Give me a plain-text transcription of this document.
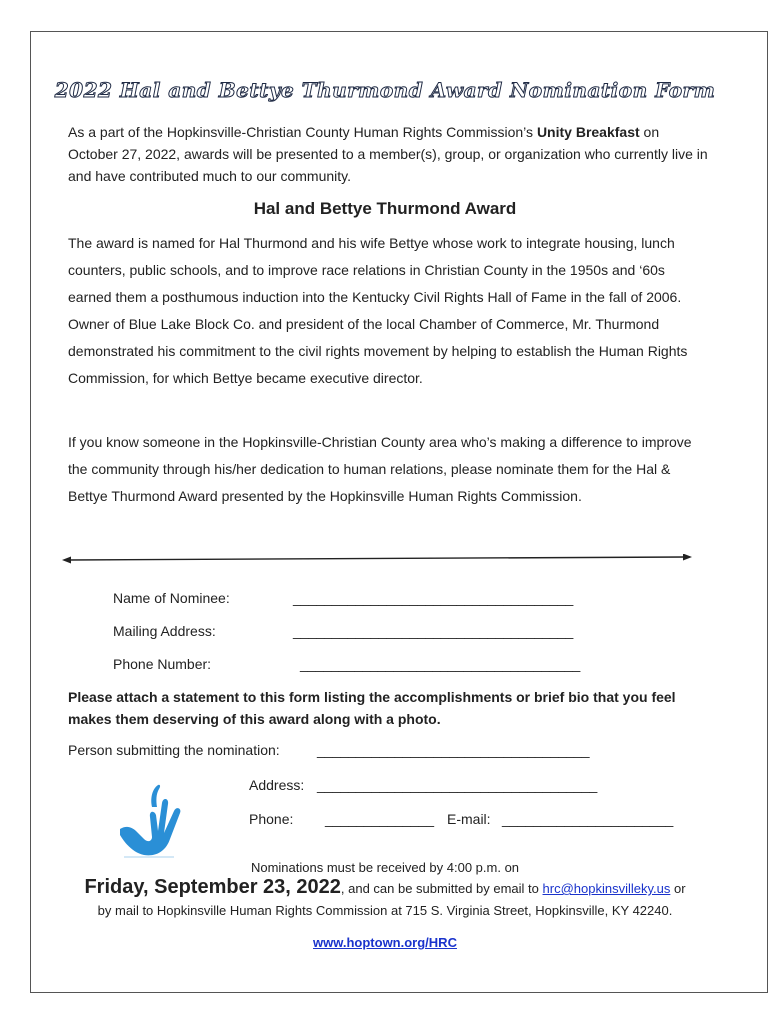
2022 Hal and Bettye Thurmond Award Nomination Form
As a part of the Hopkinsville-Christian County Human Rights Commission’s Unity Breakfast on October 27, 2022, awards will be presented to a member(s), group, or organization who currently live in and have contributed much to our community.
Hal and Bettye Thurmond Award
The award is named for Hal Thurmond and his wife Bettye whose work to integrate housing, lunch counters, public schools, and to improve race relations in Christian County in the 1950s and ‘60s earned them a posthumous induction into the Kentucky Civil Rights Hall of Fame in the fall of 2006. Owner of Blue Lake Block Co. and president of the local Chamber of Commerce, Mr. Thurmond demonstrated his commitment to the civil rights movement by helping to establish the Human Rights Commission, for which Bettye became executive director.
If you know someone in the Hopkinsville-Christian County area who’s making a difference to improve the community through his/her dedication to human relations, please nominate them for the Hal & Bettye Thurmond Award presented by the Hopkinsville Human Rights Commission.
Name of Nominee:	____________________________________
Mailing Address:	____________________________________
Phone Number:	____________________________________
Please attach a statement to this form listing the accomplishments or brief bio that you feel makes them deserving of this award along with a photo.
Person submitting the nomination:	___________________________________
Address: ____________________________________
Phone: ______________ E-mail: ______________________
Nominations must be received by 4:00 p.m. on
Friday, September 23, 2022, and can be submitted by email to hrc@hopkinsvilleky.us or
by mail to Hopkinsville Human Rights Commission at 715 S. Virginia Street, Hopkinsville, KY 42240.
www.hoptown.org/HRC
